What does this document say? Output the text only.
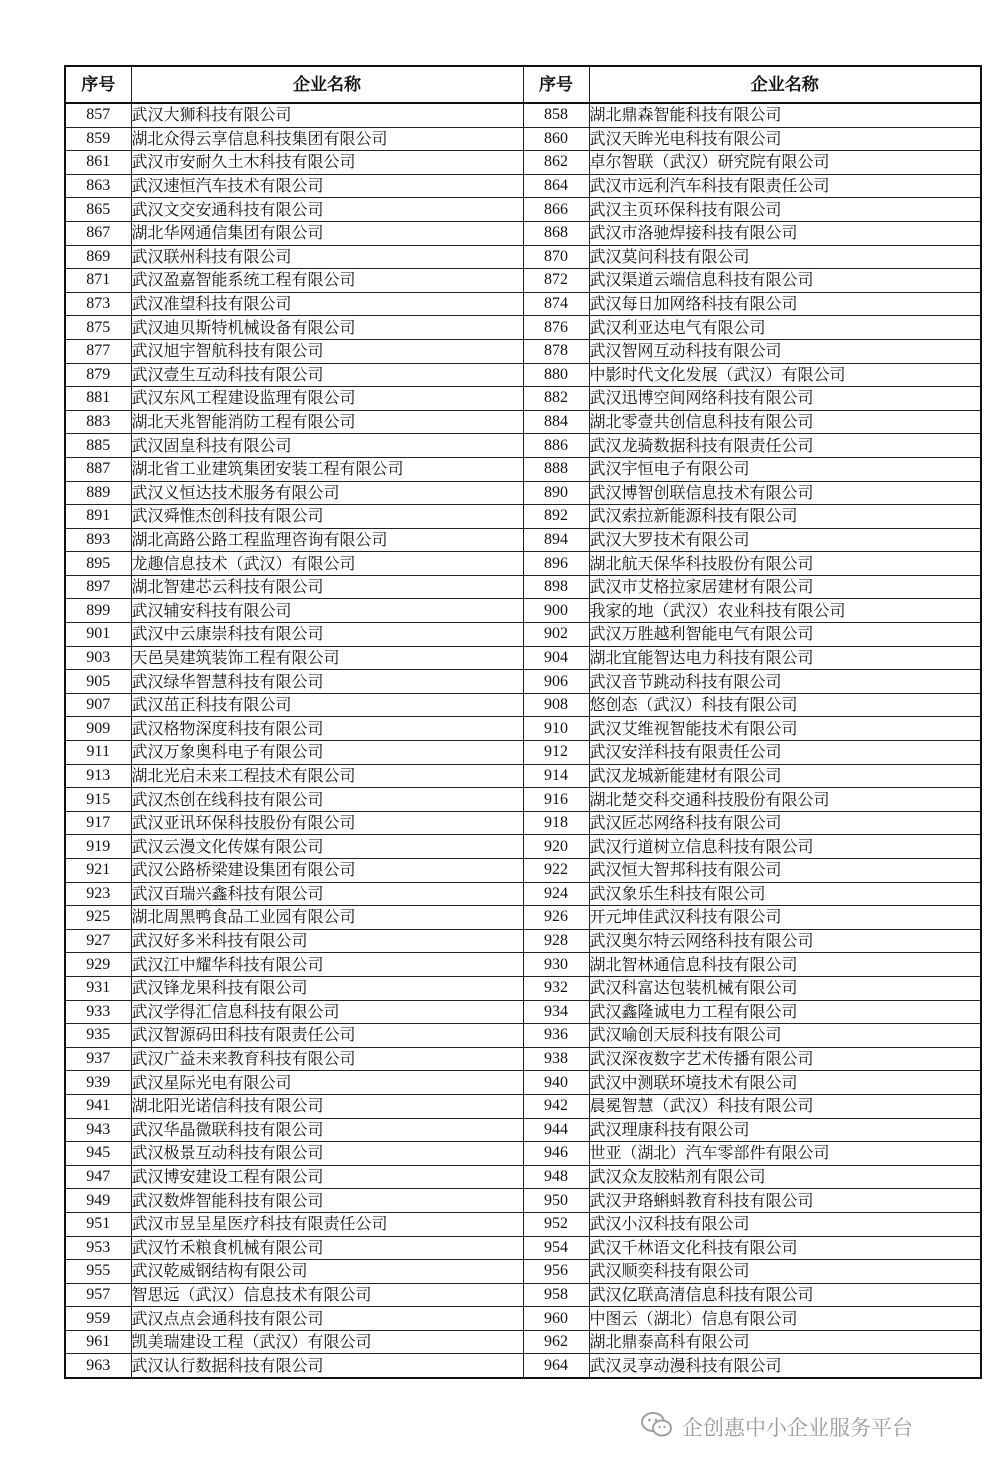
序号	企业名称	序号	企业名称
857	武汉大狮科技有限公司	858	湖北鼎森智能科技有限公司
859	湖北众得云享信息科技集团有限公司	860	武汉天眸光电科技有限公司
861	武汉市安耐久土木科技有限公司	862	卓尔智联（武汉）研究院有限公司
863	武汉速恒汽车技术有限公司	864	武汉市远利汽车科技有限责任公司
865	武汉文交安通科技有限公司	866	武汉主页环保科技有限公司
867	湖北华网通信集团有限公司	868	武汉市洛驰焊接科技有限公司
869	武汉联州科技有限公司	870	武汉莫问科技有限公司
871	武汉盈嘉智能系统工程有限公司	872	武汉渠道云端信息科技有限公司
873	武汉准望科技有限公司	874	武汉每日加网络科技有限公司
875	武汉迪贝斯特机械设备有限公司	876	武汉利亚达电气有限公司
877	武汉旭宇智航科技有限公司	878	武汉智网互动科技有限公司
879	武汉壹生互动科技有限公司	880	中影时代文化发展（武汉）有限公司
881	武汉东风工程建设监理有限公司	882	武汉迅博空间网络科技有限公司
883	湖北天兆智能消防工程有限公司	884	湖北零壹共创信息科技有限公司
885	武汉固皇科技有限公司	886	武汉龙骑数据科技有限责任公司
887	湖北省工业建筑集团安装工程有限公司	888	武汉宇恒电子有限公司
889	武汉义恒达技术服务有限公司	890	武汉博智创联信息技术有限公司
891	武汉舜惟杰创科技有限公司	892	武汉索拉新能源科技有限公司
893	湖北高路公路工程监理咨询有限公司	894	武汉大罗技术有限公司
895	龙趣信息技术（武汉）有限公司	896	湖北航天保华科技股份有限公司
897	湖北智建芯云科技有限公司	898	武汉市艾格拉家居建材有限公司
899	武汉辅安科技有限公司	900	我家的地（武汉）农业科技有限公司
901	武汉中云康崇科技有限公司	902	武汉万胜越利智能电气有限公司
903	天邑昊建筑装饰工程有限公司	904	湖北宜能智达电力科技有限公司
905	武汉绿华智慧科技有限公司	906	武汉音节跳动科技有限公司
907	武汉茁正科技有限公司	908	悠创态（武汉）科技有限公司
909	武汉格物深度科技有限公司	910	武汉艾维视智能技术有限公司
911	武汉万象奥科电子有限公司	912	武汉安洋科技有限责任公司
913	湖北光启未来工程技术有限公司	914	武汉龙城新能建材有限公司
915	武汉杰创在线科技有限公司	916	湖北楚交科交通科技股份有限公司
917	武汉亚讯环保科技股份有限公司	918	武汉匠芯网络科技有限公司
919	武汉云漫文化传媒有限公司	920	武汉行道树立信息科技有限公司
921	武汉公路桥梁建设集团有限公司	922	武汉恒大智邦科技有限公司
923	武汉百瑞兴鑫科技有限公司	924	武汉象乐生科技有限公司
925	湖北周黑鸭食品工业园有限公司	926	开元坤佳武汉科技有限公司
927	武汉好多米科技有限公司	928	武汉奥尔特云网络科技有限公司
929	武汉江中耀华科技有限公司	930	湖北智林通信息科技有限公司
931	武汉锋龙果科技有限公司	932	武汉科富达包装机械有限公司
933	武汉学得汇信息科技有限公司	934	武汉鑫隆诚电力工程有限公司
935	武汉智源码田科技有限责任公司	936	武汉喻创天辰科技有限公司
937	武汉广益未来教育科技有限公司	938	武汉深夜数字艺术传播有限公司
939	武汉星际光电有限公司	940	武汉中测联环境技术有限公司
941	湖北阳光诺信科技有限公司	942	晨冕智慧（武汉）科技有限公司
943	武汉华晶微联科技有限公司	944	武汉理康科技有限公司
945	武汉极景互动科技有限公司	946	世亚（湖北）汽车零部件有限公司
947	武汉博安建设工程有限公司	948	武汉众友胶粘剂有限公司
949	武汉数烨智能科技有限公司	950	武汉尹珞蝌蚪教育科技有限公司
951	武汉市昱呈星医疗科技有限责任公司	952	武汉小汉科技有限公司
953	武汉竹禾粮食机械有限公司	954	武汉千林语文化科技有限公司
955	武汉乾威钢结构有限公司	956	武汉顺奕科技有限公司
957	智思远（武汉）信息技术有限公司	958	武汉亿联高清信息科技有限公司
959	武汉点点会通科技有限公司	960	中图云（湖北）信息有限公司
961	凯美瑞建设工程（武汉）有限公司	962	湖北鼎泰高科有限公司
963	武汉认行数据科技有限公司	964	武汉灵享动漫科技有限公司
企创惠中小企业服务平台
